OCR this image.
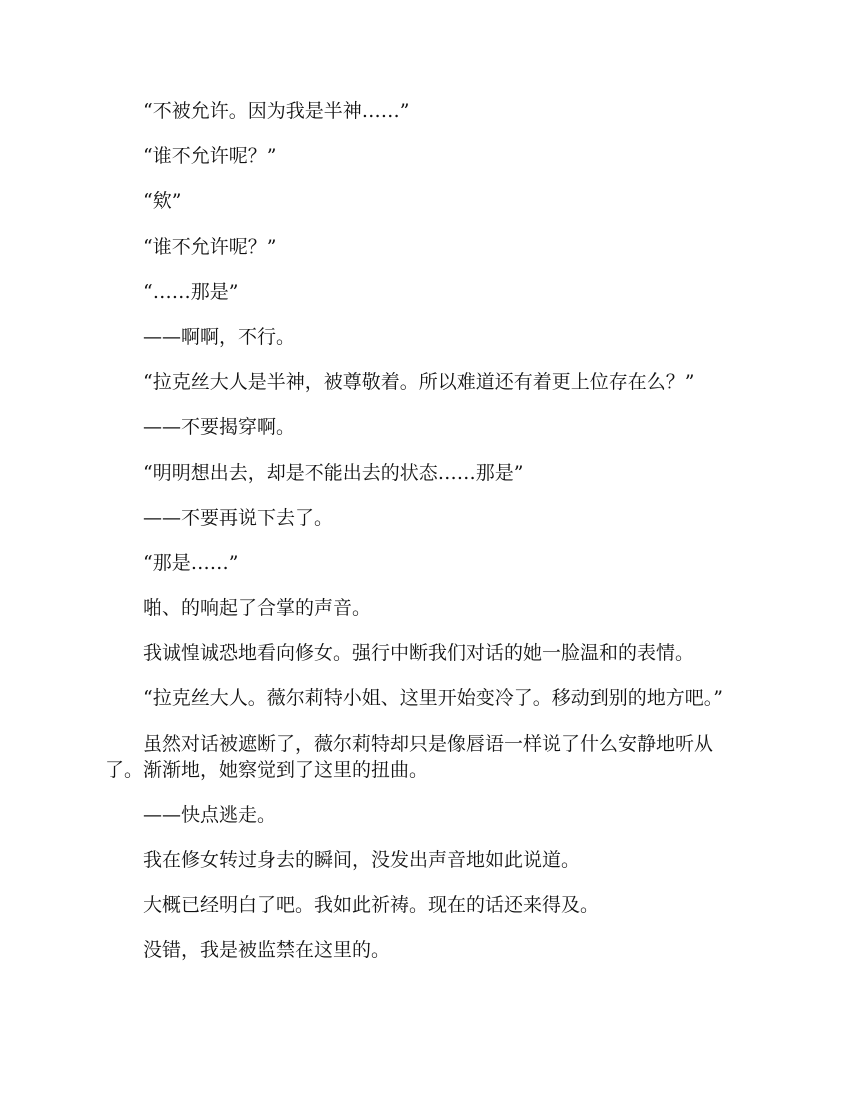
“不被允许。因为我是半神……”

“谁不允许呢？”

“欸”

“谁不允许呢？”

“……那是”

——啊啊，不行。

“拉克丝大人是半神，被尊敬着。所以难道还有着更上位存在么？”

——不要揭穿啊。

“明明想出去，却是不能出去的状态……那是”

——不要再说下去了。

“那是……”

啪、的响起了合掌的声音。

我诚惶诚恐地看向修女。强行中断我们对话的她一脸温和的表情。

“拉克丝大人。薇尔莉特小姐、这里开始变冷了。移动到别的地方吧。”

虽然对话被遮断了，薇尔莉特却只是像唇语一样说了什么安静地听从了。渐渐地，她察觉到了这里的扭曲。

——快点逃走。

我在修女转过身去的瞬间，没发出声音地如此说道。

大概已经明白了吧。我如此祈祷。现在的话还来得及。

没错，我是被监禁在这里的。
